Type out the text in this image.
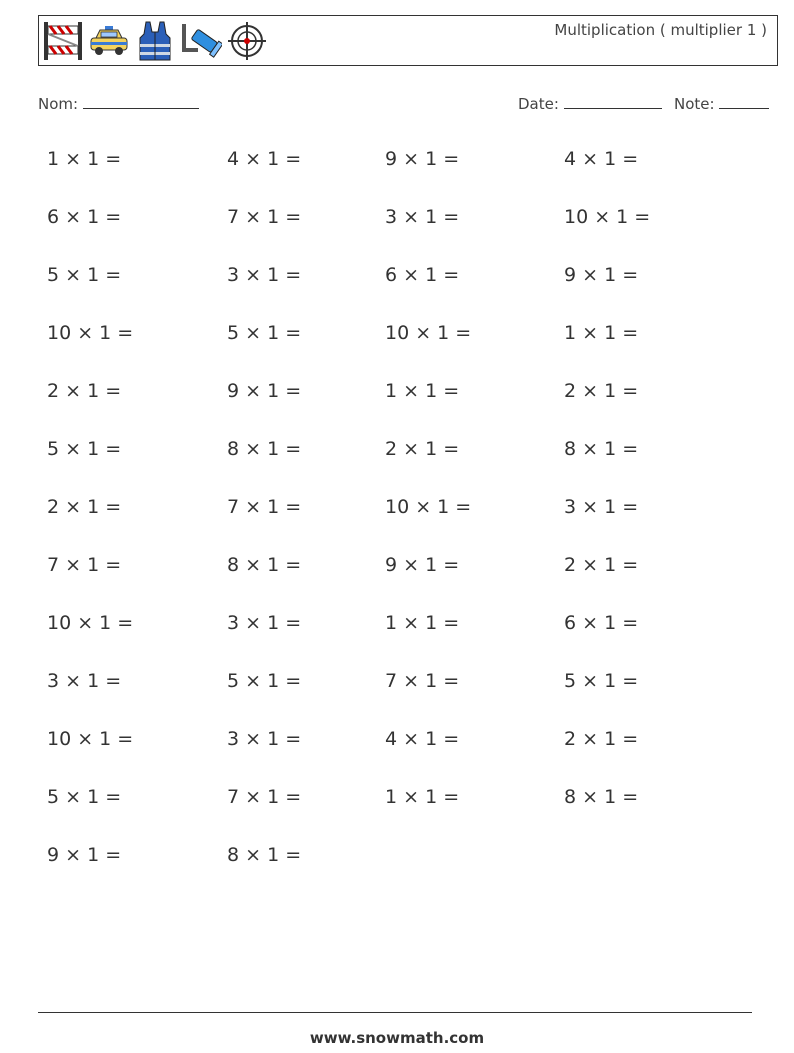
Multiplication ( multiplier 1 )
Nom:	Date:	Note:
1 × 1 =	4 × 1 =	9 × 1 =	4 × 1 =
6 × 1 =	7 × 1 =	3 × 1 =	10 × 1 =
5 × 1 =	3 × 1 =	6 × 1 =	9 × 1 =
10 × 1 =	5 × 1 =	10 × 1 =	1 × 1 =
2 × 1 =	9 × 1 =	1 × 1 =	2 × 1 =
5 × 1 =	8 × 1 =	2 × 1 =	8 × 1 =
2 × 1 =	7 × 1 =	10 × 1 =	3 × 1 =
7 × 1 =	8 × 1 =	9 × 1 =	2 × 1 =
10 × 1 =	3 × 1 =	1 × 1 =	6 × 1 =
3 × 1 =	5 × 1 =	7 × 1 =	5 × 1 =
10 × 1 =	3 × 1 =	4 × 1 =	2 × 1 =
5 × 1 =	7 × 1 =	1 × 1 =	8 × 1 =
9 × 1 =	8 × 1 =
www.snowmath.com
